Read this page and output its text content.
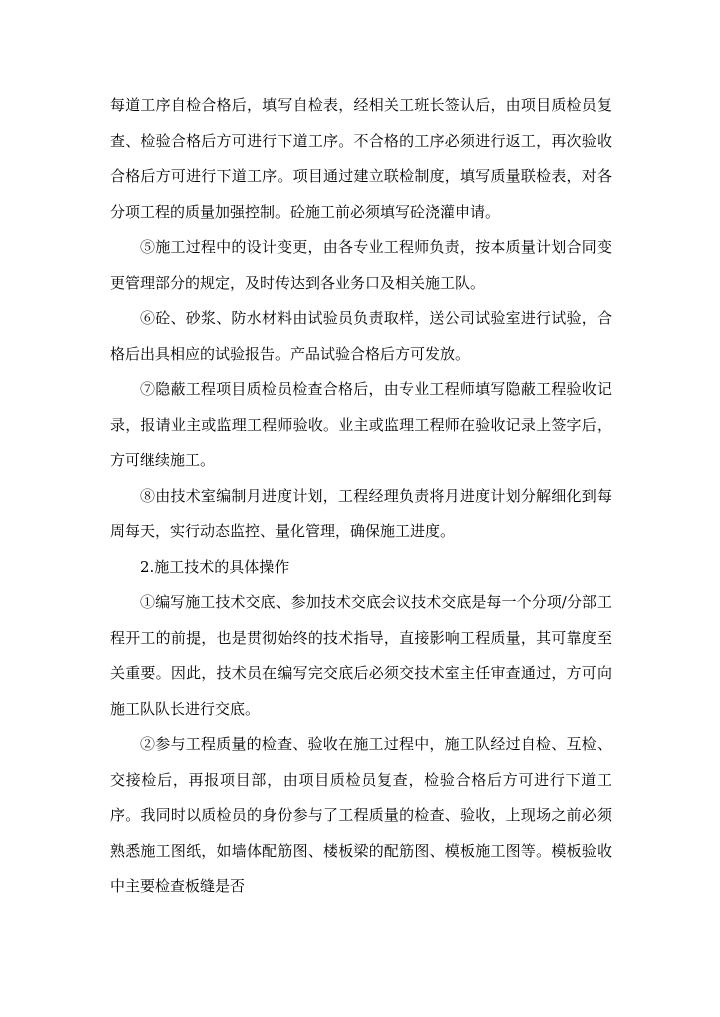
每道工序自检合格后，填写自检表，经相关工班长签认后，由项目质检员复查、检验合格后方可进行下道工序。不合格的工序必须进行返工，再次验收合格后方可进行下道工序。项目通过建立联检制度，填写质量联检表，对各分项工程的质量加强控制。砼施工前必须填写砼浇灌申请。

⑤施工过程中的设计变更，由各专业工程师负责，按本质量计划合同变更管理部分的规定，及时传达到各业务口及相关施工队。

⑥砼、砂浆、防水材料由试验员负责取样，送公司试验室进行试验，合格后出具相应的试验报告。产品试验合格后方可发放。

⑦隐蔽工程项目质检员检查合格后，由专业工程师填写隐蔽工程验收记录，报请业主或监理工程师验收。业主或监理工程师在验收记录上签字后，方可继续施工。

⑧由技术室编制月进度计划，工程经理负责将月进度计划分解细化到每周每天，实行动态监控、量化管理，确保施工进度。

2.施工技术的具体操作

①编写施工技术交底、参加技术交底会议技术交底是每一个分项/分部工程开工的前提，也是贯彻始终的技术指导，直接影响工程质量，其可靠度至关重要。因此，技术员在编写完交底后必须交技术室主任审查通过，方可向施工队队长进行交底。

②参与工程质量的检查、验收在施工过程中，施工队经过自检、互检、交接检后，再报项目部，由项目质检员复查，检验合格后方可进行下道工序。我同时以质检员的身份参与了工程质量的检查、验收，上现场之前必须熟悉施工图纸，如墙体配筋图、楼板梁的配筋图、模板施工图等。模板验收中主要检查板缝是否
